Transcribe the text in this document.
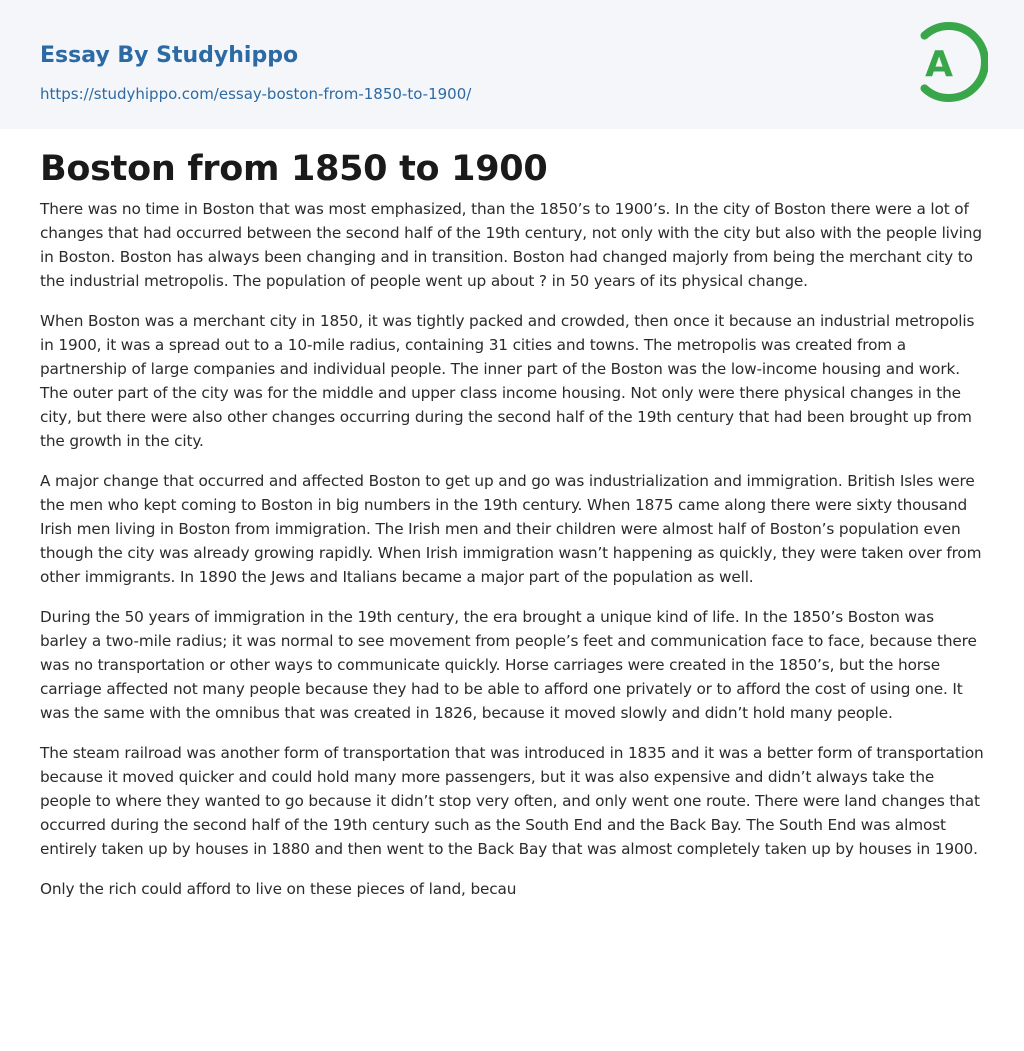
Essay By Studyhippo
https://studyhippo.com/essay-boston-from-1850-to-1900/
A
Boston from 1850 to 1900

There was no time in Boston that was most emphasized, than the 1850’s to 1900’s. In the city of Boston there were a lot of changes that had occurred between the second half of the 19th century, not only with the city but also with the people living in Boston. Boston has always been changing and in transition. Boston had changed majorly from being the merchant city to the industrial metropolis. The population of people went up about ? in 50 years of its physical change.

When Boston was a merchant city in 1850, it was tightly packed and crowded, then once it because an industrial metropolis in 1900, it was a spread out to a 10-mile radius, containing 31 cities and towns. The metropolis was created from a partnership of large companies and individual people. The inner part of the Boston was the low-income housing and work. The outer part of the city was for the middle and upper class income housing. Not only were there physical changes in the city, but there were also other changes occurring during the second half of the 19th century that had been brought up from the growth in the city.

A major change that occurred and affected Boston to get up and go was industrialization and immigration. British Isles were the men who kept coming to Boston in big numbers in the 19th century. When 1875 came along there were sixty thousand Irish men living in Boston from immigration. The Irish men and their children were almost half of Boston’s population even though the city was already growing rapidly. When Irish immigration wasn’t happening as quickly, they were taken over from other immigrants. In 1890 the Jews and Italians became a major part of the population as well.

During the 50 years of immigration in the 19th century, the era brought a unique kind of life. In the 1850’s Boston was barley a two-mile radius; it was normal to see movement from people’s feet and communication face to face, because there was no transportation or other ways to communicate quickly. Horse carriages were created in the 1850’s, but the horse carriage affected not many people because they had to be able to afford one privately or to afford the cost of using one. It was the same with the omnibus that was created in 1826, because it moved slowly and didn’t hold many people.

The steam railroad was another form of transportation that was introduced in 1835 and it was a better form of transportation because it moved quicker and could hold many more passengers, but it was also expensive and didn’t always take the people to where they wanted to go because it didn’t stop very often, and only went one route. There were land changes that occurred during the second half of the 19th century such as the South End and the Back Bay. The South End was almost entirely taken up by houses in 1880 and then went to the Back Bay that was almost completely taken up by houses in 1900.

Only the rich could afford to live on these pieces of land, becau
